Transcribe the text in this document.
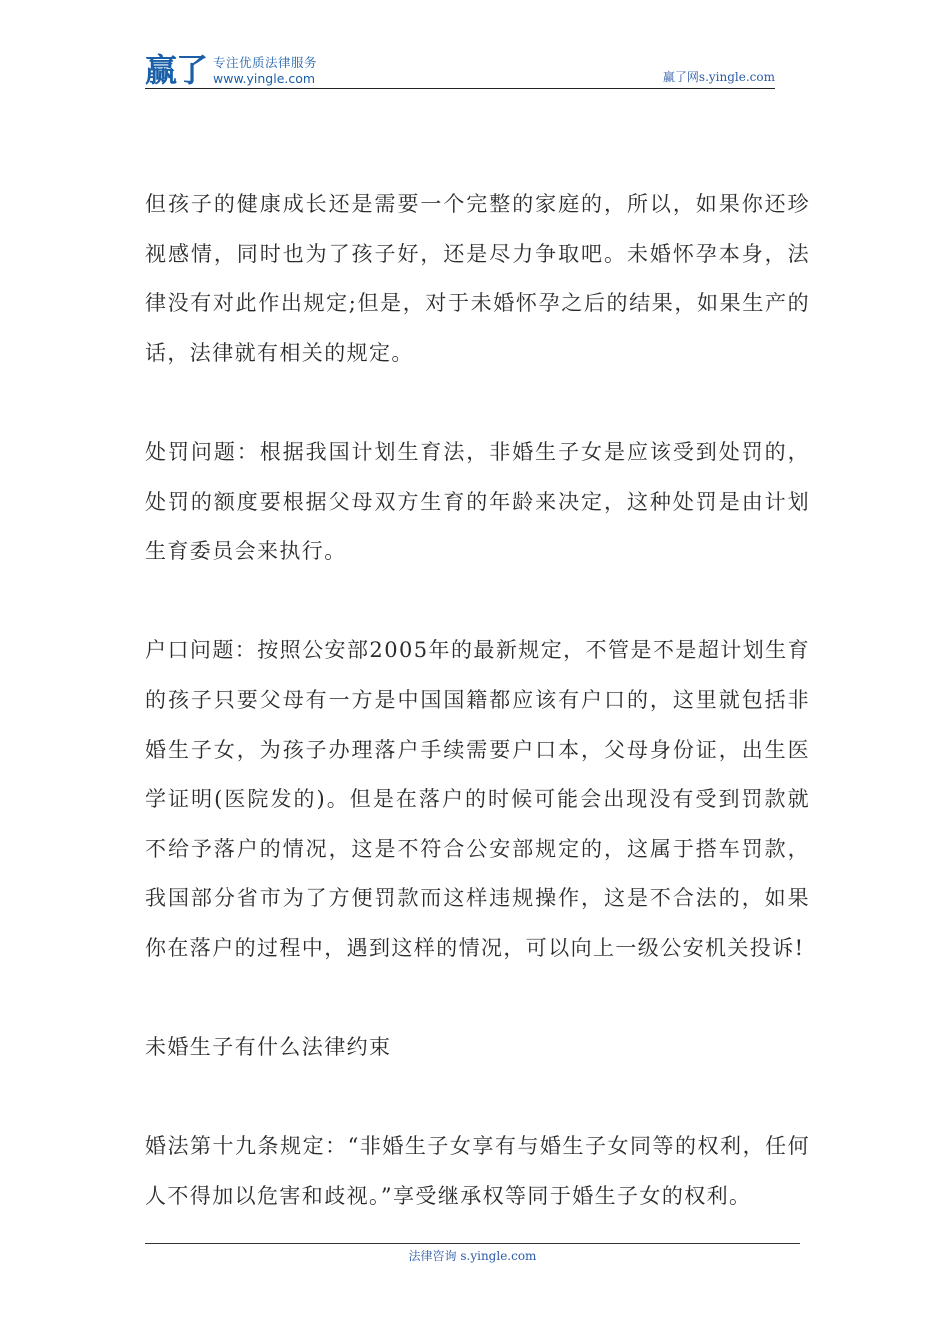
赢了 专注优质法律服务
www.yingle.com	赢了网s.yingle.com

但孩子的健康成长还是需要一个完整的家庭的，所以，如果你还珍视感情，同时也为了孩子好，还是尽力争取吧。未婚怀孕本身，法律没有对此作出规定;但是，对于未婚怀孕之后的结果，如果生产的话，法律就有相关的规定。

处罚问题：根据我国计划生育法，非婚生子女是应该受到处罚的，处罚的额度要根据父母双方生育的年龄来决定，这种处罚是由计划生育委员会来执行。

户口问题：按照公安部2005年的最新规定，不管是不是超计划生育的孩子只要父母有一方是中国国籍都应该有户口的，这里就包括非婚生子女，为孩子办理落户手续需要户口本，父母身份证，出生医学证明(医院发的)。但是在落户的时候可能会出现没有受到罚款就不给予落户的情况，这是不符合公安部规定的，这属于搭车罚款，我国部分省市为了方便罚款而这样违规操作，这是不合法的，如果你在落户的过程中，遇到这样的情况，可以向上一级公安机关投诉!

未婚生子有什么法律约束

婚法第十九条规定：“非婚生子女享有与婚生子女同等的权利，任何人不得加以危害和歧视。”享受继承权等同于婚生子女的权利。

法律咨询 s.yingle.com
